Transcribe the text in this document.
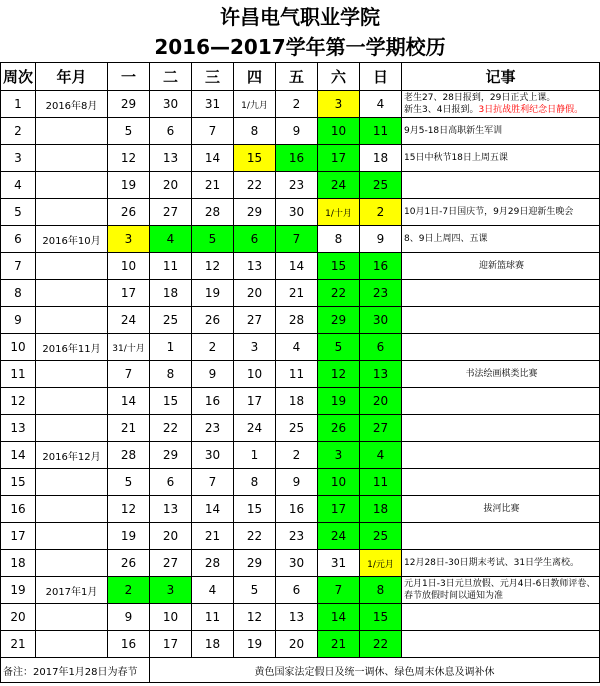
许昌电气职业学院
2016—2017学年第一学期校历
周次	年月	一	二	三	四	五	六	日	记事
1	2016年8月	29	30	31	1/九月	2	3	4	老生27、28日报到，29日正式上课。
新生3、4日报到。3日抗战胜利纪念日静假。

2		5	6	7	8	9	10	11	9月5-18日高职新生军训
3		12	13	14	15	16	17	18	15日中秋节18日上周五课
4		19	20	21	22	23	24	25	
5		26	27	28	29	30	1/十月	2	10月1日-7日国庆节，9月29日迎新生晚会
6	2016年10月	3	4	5	6	7	8	9	8、9日上周四、五课
7		10	11	12	13	14	15	16	迎新篮球赛
8		17	18	19	20	21	22	23	
9		24	25	26	27	28	29	30	
10	2016年11月	31/十月	1	2	3	4	5	6	
11		7	8	9	10	11	12	13	书法绘画棋类比赛
12		14	15	16	17	18	19	20	
13		21	22	23	24	25	26	27	
14	2016年12月	28	29	30	1	2	3	4	
15		5	6	7	8	9	10	11	
16		12	13	14	15	16	17	18	拔河比赛
17		19	20	21	22	23	24	25	
18		26	27	28	29	30	31	1/元月	12月28日-30日期末考试、31日学生离校。
19	2017年1月	2	3	4	5	6	7	8	元月1日-3日元旦放假、元月4日-6日教师评卷、春节放假时间以通知为准
20		9	10	11	12	13	14	15	
21		16	17	18	19	20	21	22	
备注：2017年1月28日为春节			黄色国家法定假日及统一调休、绿色周末休息及调补休						
